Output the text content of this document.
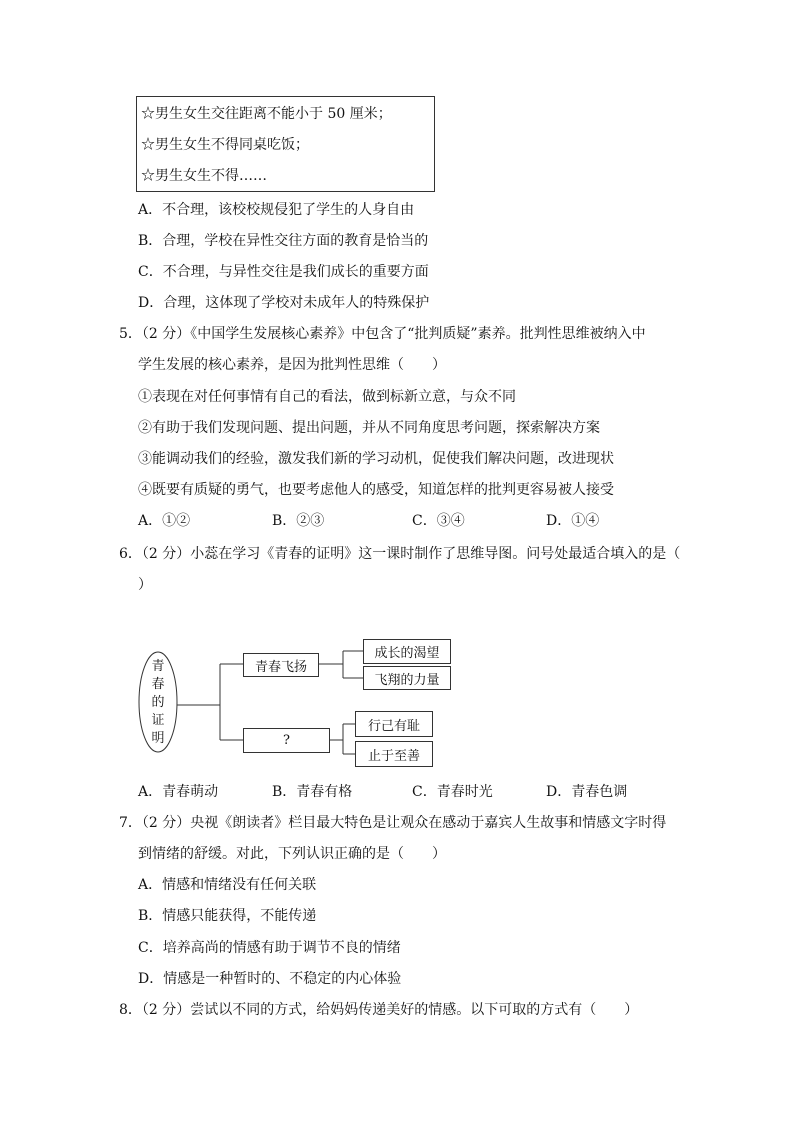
☆男生女生交往距离不能小于 50 厘米；
☆男生女生不得同桌吃饭；
☆男生女生不得……
A．不合理，该校校规侵犯了学生的人身自由
B．合理，学校在异性交往方面的教育是恰当的
C．不合理，与异性交往是我们成长的重要方面
D．合理，这体现了学校对未成年人的特殊保护
5．（2 分）《中国学生发展核心素养》中包含了“批判质疑”素养。批判性思维被纳入中
学生发展的核心素养，是因为批判性思维（　　）
①表现在对任何事情有自己的看法，做到标新立意，与众不同
②有助于我们发现问题、提出问题，并从不同角度思考问题，探索解决方案
③能调动我们的经验，激发我们新的学习动机，促使我们解决问题，改进现状
④既要有质疑的勇气，也要考虑他人的感受，知道怎样的批判更容易被人接受
A．①②	B．②③	C．③④	D．①④
6．（2 分）小蕊在学习《青春的证明》这一课时制作了思维导图。问号处最适合填入的是（
）
青
春
的
证
明
青春飞扬
成长的渴望
飞翔的力量
?
行己有耻
止于至善
A．青春萌动	B．青春有格	C．青春时光	D．青春色调
7．（2 分）央视《朗读者》栏目最大特色是让观众在感动于嘉宾人生故事和情感文字时得
到情绪的舒缓。对此，下列认识正确的是（　　）
A．情感和情绪没有任何关联
B．情感只能获得，不能传递
C．培养高尚的情感有助于调节不良的情绪
D．情感是一种暂时的、不稳定的内心体验
8．（2 分）尝试以不同的方式，给妈妈传递美好的情感。以下可取的方式有（　　）
